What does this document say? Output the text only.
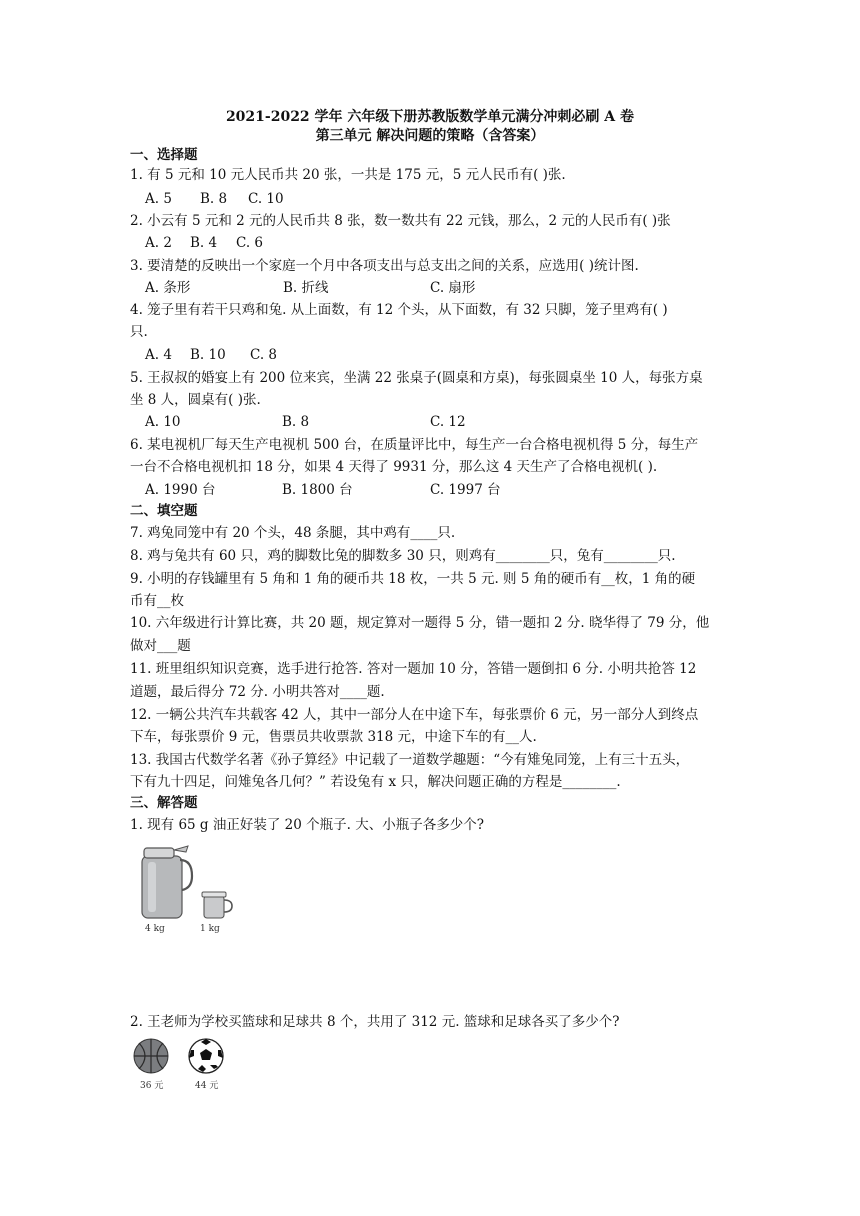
2021-2022 学年 六年级下册苏教版数学单元满分冲刺必刷 A 卷
第三单元 解决问题的策略（含答案）
一、选择题
1. 有 5 元和 10 元人民币共 20 张，一共是 175 元，5 元人民币有( )张.
A. 5 B. 8 C. 10
2. 小云有 5 元和 2 元的人民币共 8 张，数一数共有 22 元钱，那么，2 元的人民币有( )张
A. 2 B. 4 C. 6
3. 要清楚的反映出一个家庭一个月中各项支出与总支出之间的关系，应选用( )统计图.
A. 条形	B. 折线	C. 扇形
4. 笼子里有若干只鸡和兔. 从上面数，有 12 个头，从下面数，有 32 只脚，笼子里鸡有( )
只.
A. 4 B. 10 C. 8
5. 王叔叔的婚宴上有 200 位来宾，坐满 22 张桌子(圆桌和方桌)，每张圆桌坐 10 人，每张方桌
坐 8 人，圆桌有( )张.
A. 10	B. 8	C. 12
6. 某电视机厂每天生产电视机 500 台，在质量评比中，每生产一台合格电视机得 5 分，每生产
一台不合格电视机扣 18 分，如果 4 天得了 9931 分，那么这 4 天生产了合格电视机( ).
A. 1990 台	B. 1800 台	C. 1997 台
二、填空题
7. 鸡兔同笼中有 20 个头，48 条腿，其中鸡有____只.
8. 鸡与兔共有 60 只，鸡的脚数比兔的脚数多 30 只，则鸡有________只，兔有________只.
9. 小明的存钱罐里有 5 角和 1 角的硬币共 18 枚，一共 5 元. 则 5 角的硬币有__枚，1 角的硬
币有__枚
10. 六年级进行计算比赛，共 20 题，规定算对一题得 5 分，错一题扣 2 分. 晓华得了 79 分，他
做对___题
11. 班里组织知识竞赛，选手进行抢答. 答对一题加 10 分，答错一题倒扣 6 分. 小明共抢答 12
道题，最后得分 72 分. 小明共答对____题.
12. 一辆公共汽车共载客 42 人，其中一部分人在中途下车，每张票价 6 元，另一部分人到终点
下车，每张票价 9 元，售票员共收票款 318 元，中途下车的有__人.
13. 我国古代数学名著《孙子算经》中记载了一道数学趣题：“今有雉兔同笼，上有三十五头，
下有九十四足，问雉兔各几何？” 若设兔有 x 只，解决问题正确的方程是________.
三、解答题
1. 现有 65 g 油正好装了 20 个瓶子. 大、小瓶子各多少个?
4 kg	1 kg
2. 王老师为学校买篮球和足球共 8 个，共用了 312 元. 篮球和足球各买了多少个?
36 元	44 元
